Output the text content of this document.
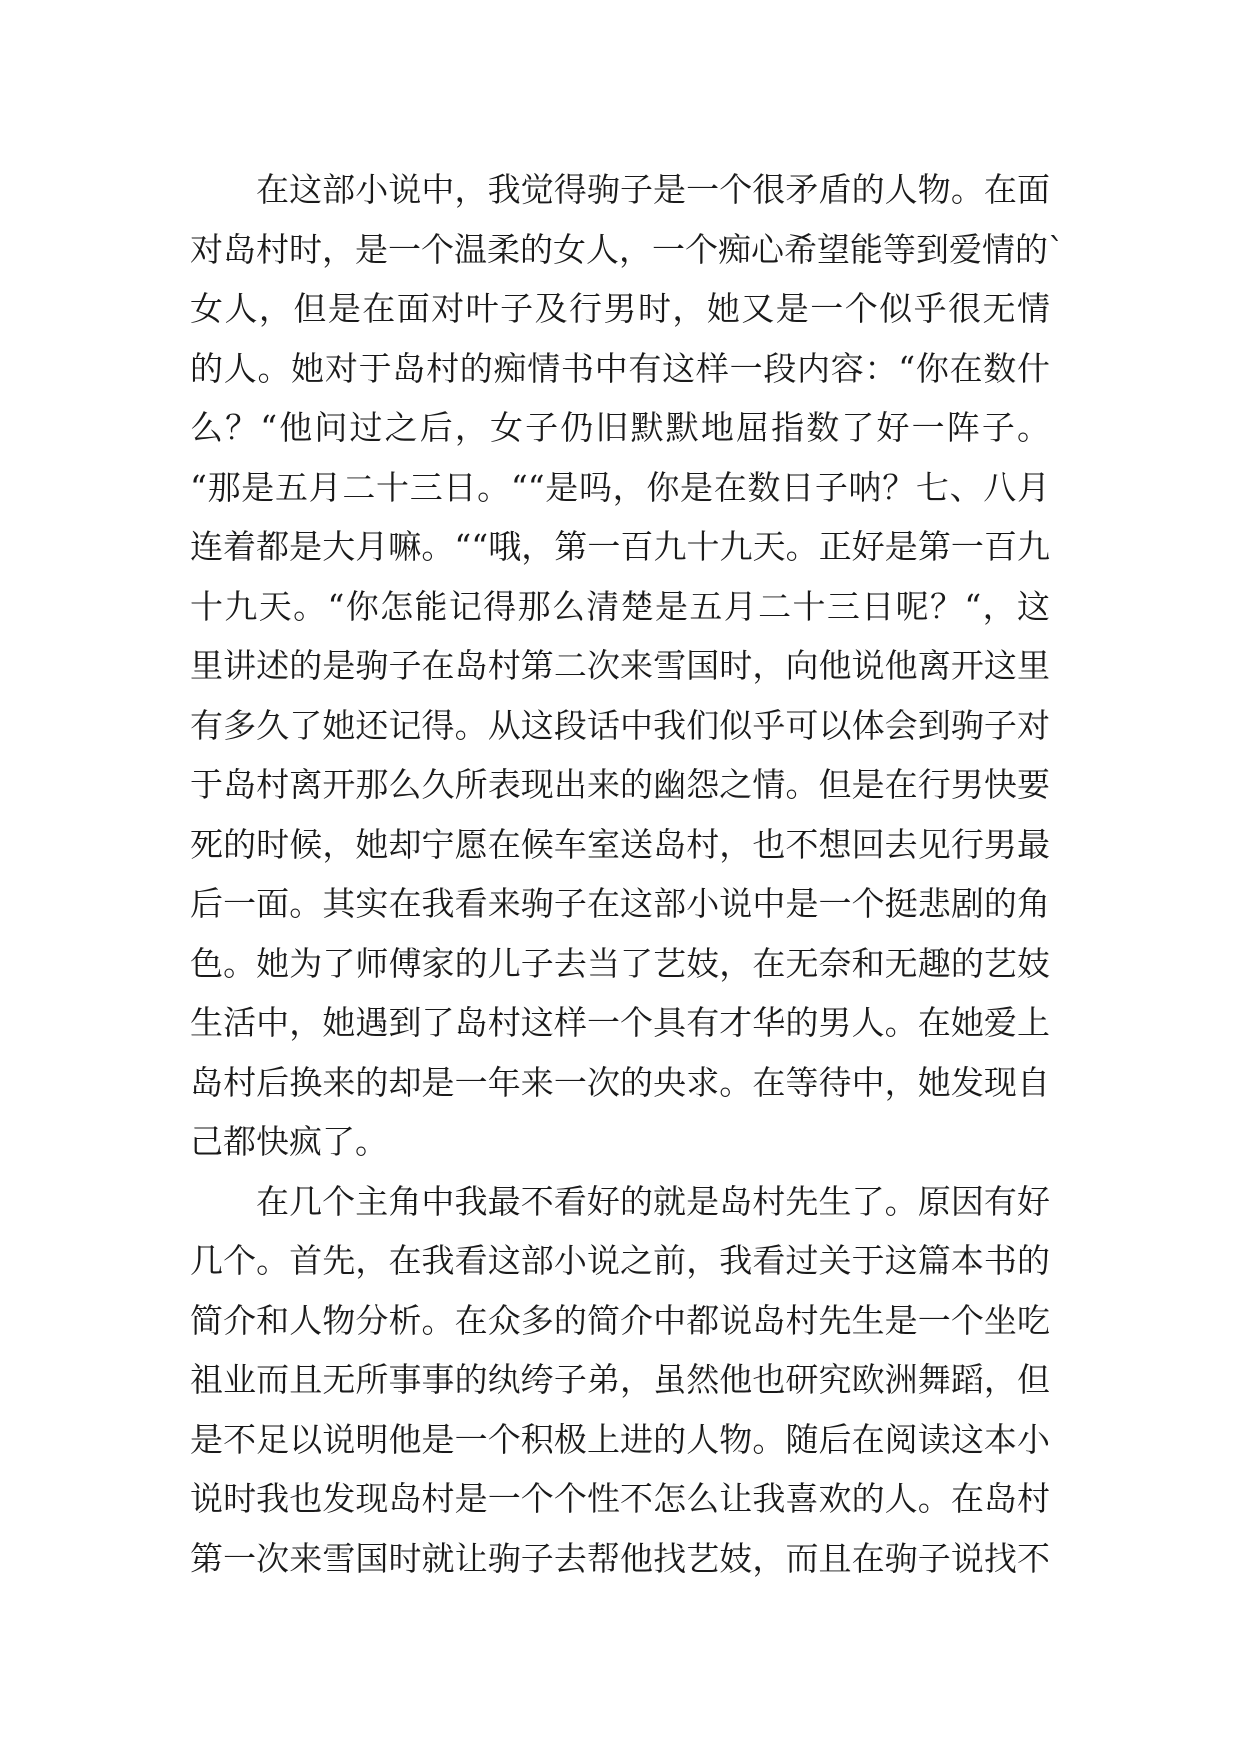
在这部小说中，我觉得驹子是一个很矛盾的人物。在面
对岛村时，是一个温柔的女人，一个痴心希望能等到爱情的`
女人，但是在面对叶子及行男时，她又是一个似乎很无情
的人。她对于岛村的痴情书中有这样一段内容：“你在数什
么？“他问过之后，女子仍旧默默地屈指数了好一阵子。
“那是五月二十三日。““是吗，你是在数日子呐？七、八月
连着都是大月嘛。““哦，第一百九十九天。正好是第一百九
十九天。“你怎能记得那么清楚是五月二十三日呢？“，这
里讲述的是驹子在岛村第二次来雪国时，向他说他离开这里
有多久了她还记得。从这段话中我们似乎可以体会到驹子对
于岛村离开那么久所表现出来的幽怨之情。但是在行男快要
死的时候，她却宁愿在候车室送岛村，也不想回去见行男最
后一面。其实在我看来驹子在这部小说中是一个挺悲剧的角
色。她为了师傅家的儿子去当了艺妓，在无奈和无趣的艺妓
生活中，她遇到了岛村这样一个具有才华的男人。在她爱上
岛村后换来的却是一年来一次的央求。在等待中，她发现自
己都快疯了。
在几个主角中我最不看好的就是岛村先生了。原因有好
几个。首先，在我看这部小说之前，我看过关于这篇本书的
简介和人物分析。在众多的简介中都说岛村先生是一个坐吃
祖业而且无所事事的纨绔子弟，虽然他也研究欧洲舞蹈，但
是不足以说明他是一个积极上进的人物。随后在阅读这本小
说时我也发现岛村是一个个性不怎么让我喜欢的人。在岛村
第一次来雪国时就让驹子去帮他找艺妓，而且在驹子说找不
